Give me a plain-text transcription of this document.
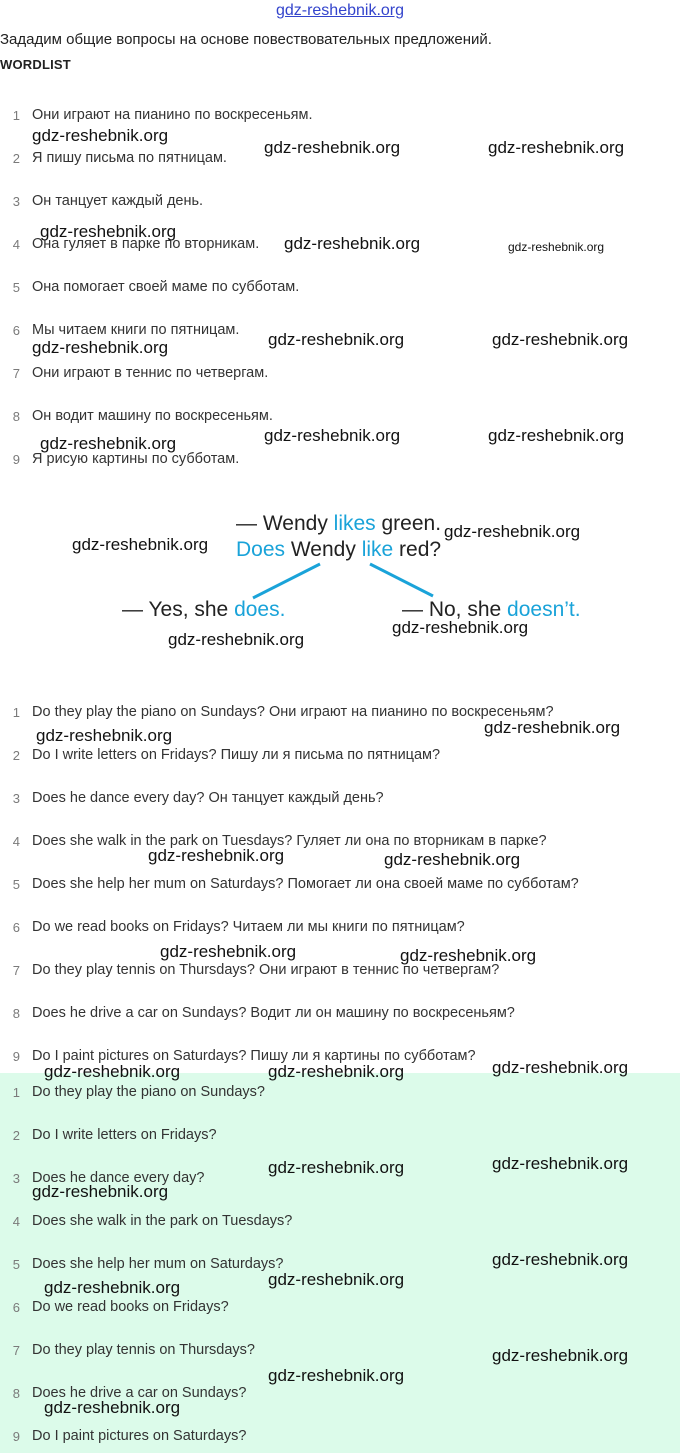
gdz-reshebnik.org
Зададим общие вопросы на основе повествовательных предложений.
WORDLIST
1 Они играют на пианино по воскресеньям.
2 Я пишу письма по пятницам.
3 Он танцует каждый день.
4 Она гуляет в парке по вторникам.
5 Она помогает своей маме по субботам.
6 Мы читаем книги по пятницам.
7 Они играют в теннис по четвергам.
8 Он водит машину по воскресеньям.
9 Я рисую картины по субботам.
— Wendy likes green.
Does Wendy like red?
— Yes, she does.	— No, she doesn’t.
1 Do they play the piano on Sundays? Они играют на пианино по воскресеньям?
2 Do I write letters on Fridays? Пишу ли я письма по пятницам?
3 Does he dance every day? Он танцует каждый день?
4 Does she walk in the park on Tuesdays? Гуляет ли она по вторникам в парке?
5 Does she help her mum on Saturdays? Помогает ли она своей маме по субботам?
6 Do we read books on Fridays? Читаем ли мы книги по пятницам?
7 Do they play tennis on Thursdays? Они играют в теннис по четвергам?
8 Does he drive a car on Sundays? Водит ли он машину по воскресеньям?
9 Do I paint pictures on Saturdays? Пишу ли я картины по субботам?
1 Do they play the piano on Sundays?
2 Do I write letters on Fridays?
3 Does he dance every day?
4 Does she walk in the park on Tuesdays?
5 Does she help her mum on Saturdays?
6 Do we read books on Fridays?
7 Do they play tennis on Thursdays?
8 Does he drive a car on Sundays?
9 Do I paint pictures on Saturdays?
gdz-reshebnik.org
gdz-reshebnik.org	gdz-reshebnik.org
gdz-reshebnik.org
gdz-reshebnik.org	gdz-reshebnik.org
gdz-reshebnik.org	gdz-reshebnik.org	gdz-reshebnik.org
gdz-reshebnik.org	gdz-reshebnik.org	gdz-reshebnik.org
gdz-reshebnik.org
gdz-reshebnik.org
gdz-reshebnik.org
gdz-reshebnik.org
gdz-reshebnik.org	gdz-reshebnik.org
gdz-reshebnik.org	gdz-reshebnik.org
gdz-reshebnik.org	gdz-reshebnik.org
gdz-reshebnik.org	gdz-reshebnik.org	gdz-reshebnik.org
gdz-reshebnik.org	gdz-reshebnik.org
gdz-reshebnik.org
gdz-reshebnik.org
gdz-reshebnik.org
gdz-reshebnik.org
gdz-reshebnik.org
gdz-reshebnik.org
gdz-reshebnik.org
